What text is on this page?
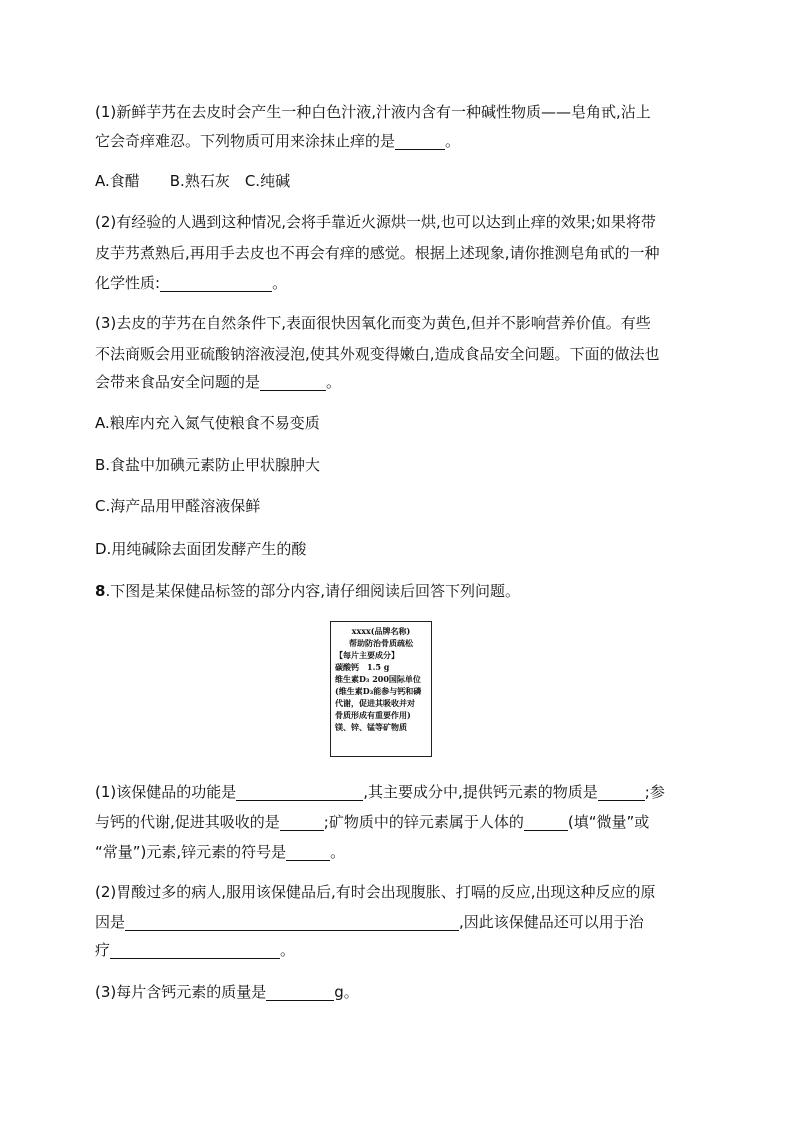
(1)新鲜芋艿在去皮时会产生一种白色汁液,汁液内含有一种碱性物质——皂角甙,沾上
它会奇痒难忍。下列物质可用来涂抹止痒的是	。
A.食醋　　B.熟石灰　C.纯碱
(2)有经验的人遇到这种情况,会将手靠近火源烘一烘,也可以达到止痒的效果;如果将带
皮芋艿煮熟后,再用手去皮也不再会有痒的感觉。根据上述现象,请你推测皂角甙的一种
化学性质:	。
(3)去皮的芋艿在自然条件下,表面很快因氧化而变为黄色,但并不影响营养价值。有些
不法商贩会用亚硫酸钠溶液浸泡,使其外观变得嫩白,造成食品安全问题。下面的做法也
会带来食品安全问题的是	。
A.粮库内充入氮气使粮食不易变质
B.食盐中加碘元素防止甲状腺肿大
C.海产品用甲醛溶液保鲜
D.用纯碱除去面团发酵产生的酸
8.下图是某保健品标签的部分内容,请仔细阅读后回答下列问题。
xxxx(品牌名称)
帮助防治骨质疏松
【每片主要成分】
碳酸钙　1.5 g
维生素D₃ 200国际单位
(维生素D₃能参与钙和磷
代谢，促进其吸收并对
骨质形成有重要作用)
镁、锌、锰等矿物质
(1)该保健品的功能是	,其主要成分中,提供钙元素的物质是	;参
与钙的代谢,促进其吸收的是	;矿物质中的锌元素属于人体的	(填“微量”或
“常量”)元素,锌元素的符号是	。
(2)胃酸过多的病人,服用该保健品后,有时会出现腹胀、打嗝的反应,出现这种反应的原
因是	,因此该保健品还可以用于治
疗	。
(3)每片含钙元素的质量是	g。
